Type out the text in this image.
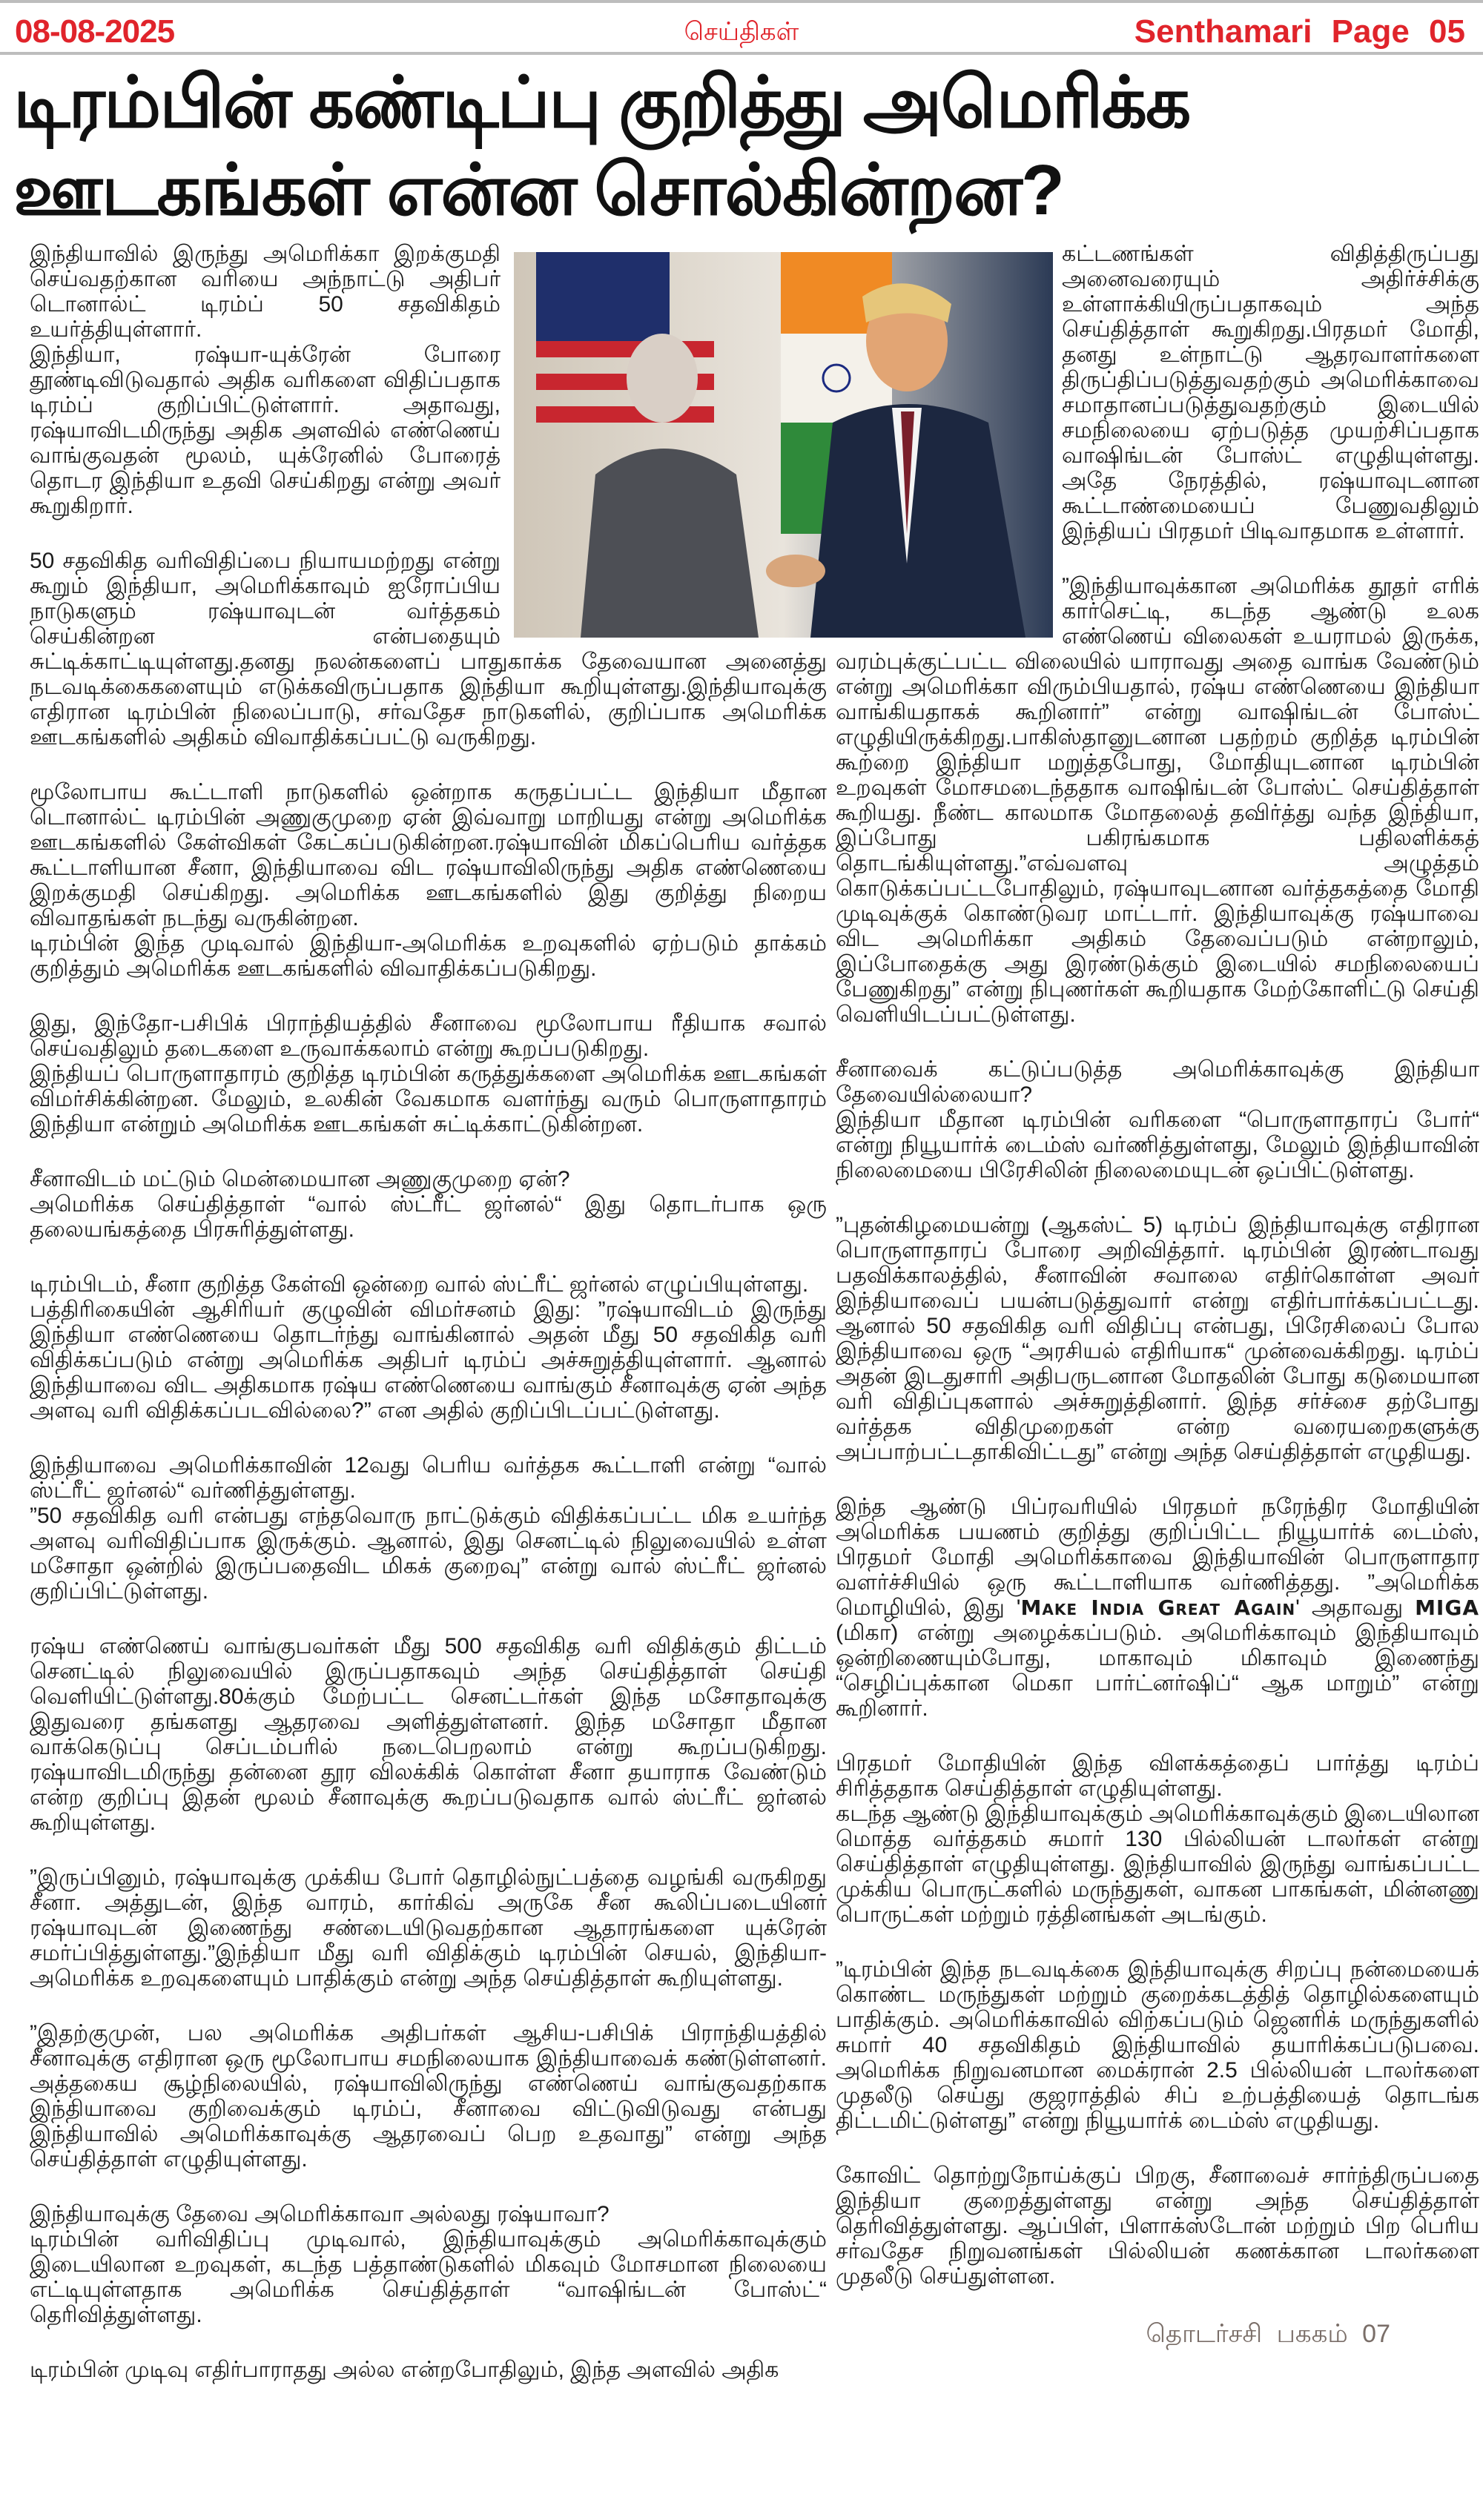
செய்திகள்
08-08-2025	Senthamari Page 05
டிரம்பின் கண்டிப்பு குறித்து அமெரிக்க ஊடகங்கள் என்ன சொல்கின்றன?

இந்தியாவில் இருந்து அமெரிக்கா இறக்குமதி செய்வதற்கான வரியை அந்நாட்டு அதிபர் டொனால்ட் டிரம்ப் 50 சதவிகிதம் உயர்த்தியுள்ளார்.

இந்தியா, ரஷ்யா-யுக்ரேன் போரை தூண்டிவிடுவதால் அதிக வரிகளை விதிப்பதாக டிரம்ப் குறிப்பிட்டுள்ளார். அதாவது, ரஷ்யாவிடமிருந்து அதிக அளவில் எண்ணெய் வாங்குவதன் மூலம், யுக்ரேனில் போரைத் தொடர இந்தியா உதவி செய்கிறது என்று அவர் கூறுகிறார்.

50 சதவிகித வரிவிதிப்பை நியாயமற்றது என்று கூறும் இந்தியா, அமெரிக்காவும் ஐரோப்பிய நாடுகளும் ரஷ்யாவுடன் வர்த்தகம் செய்கின்றன என்பதையும் சுட்டிக்காட்டியுள்ளது.தனது நலன்களைப் பாதுகாக்க தேவையான அனைத்து நடவடிக்கைகளையும் எடுக்கவிருப்பதாக இந்தியா கூறியுள்ளது.இந்தியாவுக்கு எதிரான டிரம்பின் நிலைப்பாடு, சர்வதேச நாடுகளில், குறிப்பாக அமெரிக்க ஊடகங்களில் அதிகம் விவாதிக்கப்பட்டு வருகிறது.

மூலோபாய கூட்டாளி நாடுகளில் ஒன்றாக கருதப்பட்ட இந்தியா மீதான டொனால்ட் டிரம்பின் அணுகுமுறை ஏன் இவ்வாறு மாறியது என்று அமெரிக்க ஊடகங்களில் கேள்விகள் கேட்கப்படுகின்றன.ரஷ்யாவின் மிகப்பெரிய வர்த்தக கூட்டாளியான சீனா, இந்தியாவை விட ரஷ்யாவிலிருந்து அதிக எண்ணெயை இறக்குமதி செய்கிறது. அமெரிக்க ஊடகங்களில் இது குறித்து நிறைய விவாதங்கள் நடந்து வருகின்றன.

டிரம்பின் இந்த முடிவால் இந்தியா-அமெரிக்க உறவுகளில் ஏற்படும் தாக்கம் குறித்தும் அமெரிக்க ஊடகங்களில் விவாதிக்கப்படுகிறது.

இது, இந்தோ-பசிபிக் பிராந்தியத்தில் சீனாவை மூலோபாய ரீதியாக சவால் செய்வதிலும் தடைகளை உருவாக்கலாம் என்று கூறப்படுகிறது.

இந்தியப் பொருளாதாரம் குறித்த டிரம்பின் கருத்துக்களை அமெரிக்க ஊடகங்கள் விமர்சிக்கின்றன. மேலும், உலகின் வேகமாக வளர்ந்து வரும் பொருளாதாரம் இந்தியா என்றும் அமெரிக்க ஊடகங்கள் சுட்டிக்காட்டுகின்றன.

சீனாவிடம் மட்டும் மென்மையான அணுகுமுறை ஏன்?

அமெரிக்க செய்தித்தாள் “வால் ஸ்ட்ரீட் ஜர்னல்“ இது தொடர்பாக ஒரு தலையங்கத்தை பிரசுரித்துள்ளது.

டிரம்பிடம், சீனா குறித்த கேள்வி ஒன்றை வால் ஸ்ட்ரீட் ஜர்னல் எழுப்பியுள்ளது.

பத்திரிகையின் ஆசிரியர் குழுவின் விமர்சனம் இது: ”ரஷ்யாவிடம் இருந்து இந்தியா எண்ணெயை தொடர்ந்து வாங்கினால் அதன் மீது 50 சதவிகித வரி விதிக்கப்படும் என்று அமெரிக்க அதிபர் டிரம்ப் அச்சுறுத்தியுள்ளார். ஆனால் இந்தியாவை விட அதிகமாக ரஷ்ய எண்ணெயை வாங்கும் சீனாவுக்கு ஏன் அந்த அளவு வரி விதிக்கப்படவில்லை?” என அதில் குறிப்பிடப்பட்டுள்ளது.

இந்தியாவை அமெரிக்காவின் 12வது பெரிய வர்த்தக கூட்டாளி என்று “வால் ஸ்ட்ரீட் ஜர்னல்“ வர்ணித்துள்ளது.

”50 சதவிகித வரி என்பது எந்தவொரு நாட்டுக்கும் விதிக்கப்பட்ட மிக உயர்ந்த அளவு வரிவிதிப்பாக இருக்கும். ஆனால், இது செனட்டில் நிலுவையில் உள்ள மசோதா ஒன்றில் இருப்பதைவிட மிகக் குறைவு” என்று வால் ஸ்ட்ரீட் ஜர்னல் குறிப்பிட்டுள்ளது.

ரஷ்ய எண்ணெய் வாங்குபவர்கள் மீது 500 சதவிகித வரி விதிக்கும் திட்டம் செனட்டில் நிலுவையில் இருப்பதாகவும் அந்த செய்தித்தாள் செய்தி வெளியிட்டுள்ளது.80க்கும் மேற்பட்ட செனட்டர்கள் இந்த மசோதாவுக்கு இதுவரை தங்களது ஆதரவை அளித்துள்ளனர். இந்த மசோதா மீதான வாக்கெடுப்பு செப்டம்பரில் நடைபெறலாம் என்று கூறப்படுகிறது. ரஷ்யாவிடமிருந்து தன்னை தூர விலக்கிக் கொள்ள சீனா தயாராக வேண்டும் என்ற குறிப்பு இதன் மூலம் சீனாவுக்கு கூறப்படுவதாக வால் ஸ்ட்ரீட் ஜர்னல் கூறியுள்ளது.

”இருப்பினும், ரஷ்யாவுக்கு முக்கிய போர் தொழில்நுட்பத்தை வழங்கி வருகிறது சீனா. அத்துடன், இந்த வாரம், கார்கிவ் அருகே சீன கூலிப்படையினர் ரஷ்யாவுடன் இணைந்து சண்டையிடுவதற்கான ஆதாரங்களை யுக்ரேன் சமர்ப்பித்துள்ளது.”இந்தியா மீது வரி விதிக்கும் டிரம்பின் செயல், இந்தியா-அமெரிக்க உறவுகளையும் பாதிக்கும் என்று அந்த செய்தித்தாள் கூறியுள்ளது.

”இதற்குமுன், பல அமெரிக்க அதிபர்கள் ஆசிய-பசிபிக் பிராந்தியத்தில் சீனாவுக்கு எதிரான ஒரு மூலோபாய சமநிலையாக இந்தியாவைக் கண்டுள்ளனர். அத்தகைய சூழ்நிலையில், ரஷ்யாவிலிருந்து எண்ணெய் வாங்குவதற்காக இந்தியாவை குறிவைக்கும் டிரம்ப், சீனாவை விட்டுவிடுவது என்பது இந்தியாவில் அமெரிக்காவுக்கு ஆதரவைப் பெற உதவாது” என்று அந்த செய்தித்தாள் எழுதியுள்ளது.

இந்தியாவுக்கு தேவை அமெரிக்காவா அல்லது ரஷ்யாவா?

டிரம்பின் வரிவிதிப்பு முடிவால், இந்தியாவுக்கும் அமெரிக்காவுக்கும் இடையிலான உறவுகள், கடந்த பத்தாண்டுகளில் மிகவும் மோசமான நிலையை எட்டியுள்ளதாக அமெரிக்க செய்தித்தாள் “வாஷிங்டன் போஸ்ட்“ தெரிவித்துள்ளது.

டிரம்பின் முடிவு எதிர்பாராதது அல்ல என்றபோதிலும், இந்த அளவில் அதிக

கட்டணங்கள் விதித்திருப்பது அனைவரையும் அதிர்ச்சிக்கு உள்ளாக்கியிருப்பதாகவும் அந்த செய்தித்தாள் கூறுகிறது.பிரதமர் மோதி, தனது உள்நாட்டு ஆதரவாளர்களை திருப்திப்படுத்துவதற்கும் அமெரிக்காவை சமாதானப்படுத்துவதற்கும் இடையில் சமநிலையை ஏற்படுத்த முயற்சிப்பதாக வாஷிங்டன் போஸ்ட் எழுதியுள்ளது. அதே நேரத்தில், ரஷ்யாவுடனான கூட்டாண்மையைப் பேணுவதிலும் இந்தியப் பிரதமர் பிடிவாதமாக உள்ளார்.

”இந்தியாவுக்கான அமெரிக்க தூதர் எரிக் கார்செட்டி, கடந்த ஆண்டு உலக எண்ணெய் விலைகள் உயராமல் இருக்க, வரம்புக்குட்பட்ட விலையில் யாராவது அதை வாங்க வேண்டும் என்று அமெரிக்கா விரும்பியதால், ரஷ்ய எண்ணெயை இந்தியா வாங்கியதாகக் கூறினார்” என்று வாஷிங்டன் போஸ்ட் எழுதியிருக்கிறது.பாகிஸ்தானுடனான பதற்றம் குறித்த டிரம்பின் கூற்றை இந்தியா மறுத்தபோது, மோதியுடனான டிரம்பின் உறவுகள் மோசமடைந்ததாக வாஷிங்டன் போஸ்ட் செய்தித்தாள் கூறியது. நீண்ட காலமாக மோதலைத் தவிர்த்து வந்த இந்தியா, இப்போது பகிரங்கமாக பதிலளிக்கத் தொடங்கியுள்ளது.”எவ்வளவு அழுத்தம் கொடுக்கப்பட்டபோதிலும், ரஷ்யாவுடனான வர்த்தகத்தை மோதி முடிவுக்குக் கொண்டுவர மாட்டார். இந்தியாவுக்கு ரஷ்யாவை விட அமெரிக்கா அதிகம் தேவைப்படும் என்றாலும், இப்போதைக்கு அது இரண்டுக்கும் இடையில் சமநிலையைப் பேணுகிறது” என்று நிபுணர்கள் கூறியதாக மேற்கோளிட்டு செய்தி வெளியிடப்பட்டுள்ளது.

சீனாவைக் கட்டுப்படுத்த அமெரிக்காவுக்கு இந்தியா தேவையில்லையா?

இந்தியா மீதான டிரம்பின் வரிகளை “பொருளாதாரப் போர்“ என்று நியூயார்க் டைம்ஸ் வர்ணித்துள்ளது, மேலும் இந்தியாவின் நிலைமையை பிரேசிலின் நிலைமையுடன் ஒப்பிட்டுள்ளது.

”புதன்கிழமையன்று (ஆகஸ்ட் 5) டிரம்ப் இந்தியாவுக்கு எதிரான பொருளாதாரப் போரை அறிவித்தார். டிரம்பின் இரண்டாவது பதவிக்காலத்தில், சீனாவின் சவாலை எதிர்கொள்ள அவர் இந்தியாவைப் பயன்படுத்துவார் என்று எதிர்பார்க்கப்பட்டது. ஆனால் 50 சதவிகித வரி விதிப்பு என்பது, பிரேசிலைப் போல இந்தியாவை ஒரு “அரசியல் எதிரியாக“ முன்வைக்கிறது. டிரம்ப் அதன் இடதுசாரி அதிபருடனான மோதலின் போது கடுமையான வரி விதிப்புகளால் அச்சுறுத்தினார். இந்த சர்ச்சை தற்போது வர்த்தக விதிமுறைகள் என்ற வரையறைகளுக்கு அப்பாற்பட்டதாகிவிட்டது” என்று அந்த செய்தித்தாள் எழுதியது.

இந்த ஆண்டு பிப்ரவரியில் பிரதமர் நரேந்திர மோதியின் அமெரிக்க பயணம் குறித்து குறிப்பிட்ட நியூயார்க் டைம்ஸ், பிரதமர் மோதி அமெரிக்காவை இந்தியாவின் பொருளாதார வளர்ச்சியில் ஒரு கூட்டாளியாக வர்ணித்தது. ”அமெரிக்க மொழியில், இது 'Make India Great Again' அதாவது MIGA (மிகா) என்று அழைக்கப்படும். அமெரிக்காவும் இந்தியாவும் ஒன்றிணையும்போது, மாகாவும் மிகாவும் இணைந்து “செழிப்புக்கான மெகா பார்ட்னர்ஷிப்“ ஆக மாறும்” என்று கூறினார்.

பிரதமர் மோதியின் இந்த விளக்கத்தைப் பார்த்து டிரம்ப் சிரித்ததாக செய்தித்தாள் எழுதியுள்ளது.

கடந்த ஆண்டு இந்தியாவுக்கும் அமெரிக்காவுக்கும் இடையிலான மொத்த வர்த்தகம் சுமார் 130 பில்லியன் டாலர்கள் என்று செய்தித்தாள் எழுதியுள்ளது. இந்தியாவில் இருந்து வாங்கப்பட்ட முக்கிய பொருட்களில் மருந்துகள், வாகன பாகங்கள், மின்னணு பொருட்கள் மற்றும் ரத்தினங்கள் அடங்கும்.

”டிரம்பின் இந்த நடவடிக்கை இந்தியாவுக்கு சிறப்பு நன்மையைக் கொண்ட மருந்துகள் மற்றும் குறைக்கடத்தித் தொழில்களையும் பாதிக்கும். அமெரிக்காவில் விற்கப்படும் ஜெனரிக் மருந்துகளில் சுமார் 40 சதவிகிதம் இந்தியாவில் தயாரிக்கப்படுபவை. அமெரிக்க நிறுவனமான மைக்ரான் 2.5 பில்லியன் டாலர்களை முதலீடு செய்து குஜராத்தில் சிப் உற்பத்தியைத் தொடங்க திட்டமிட்டுள்ளது” என்று நியூயார்க் டைம்ஸ் எழுதியது.

கோவிட் தொற்றுநோய்க்குப் பிறகு, சீனாவைச் சார்ந்திருப்பதை இந்தியா குறைத்துள்ளது என்று அந்த செய்தித்தாள் தெரிவித்துள்ளது. ஆப்பிள், பிளாக்ஸ்டோன் மற்றும் பிற பெரிய சர்வதேச நிறுவனங்கள் பில்லியன் கணக்கான டாலர்களை முதலீடு செய்துள்ளன.

தொடர்சசி பககம் 07
